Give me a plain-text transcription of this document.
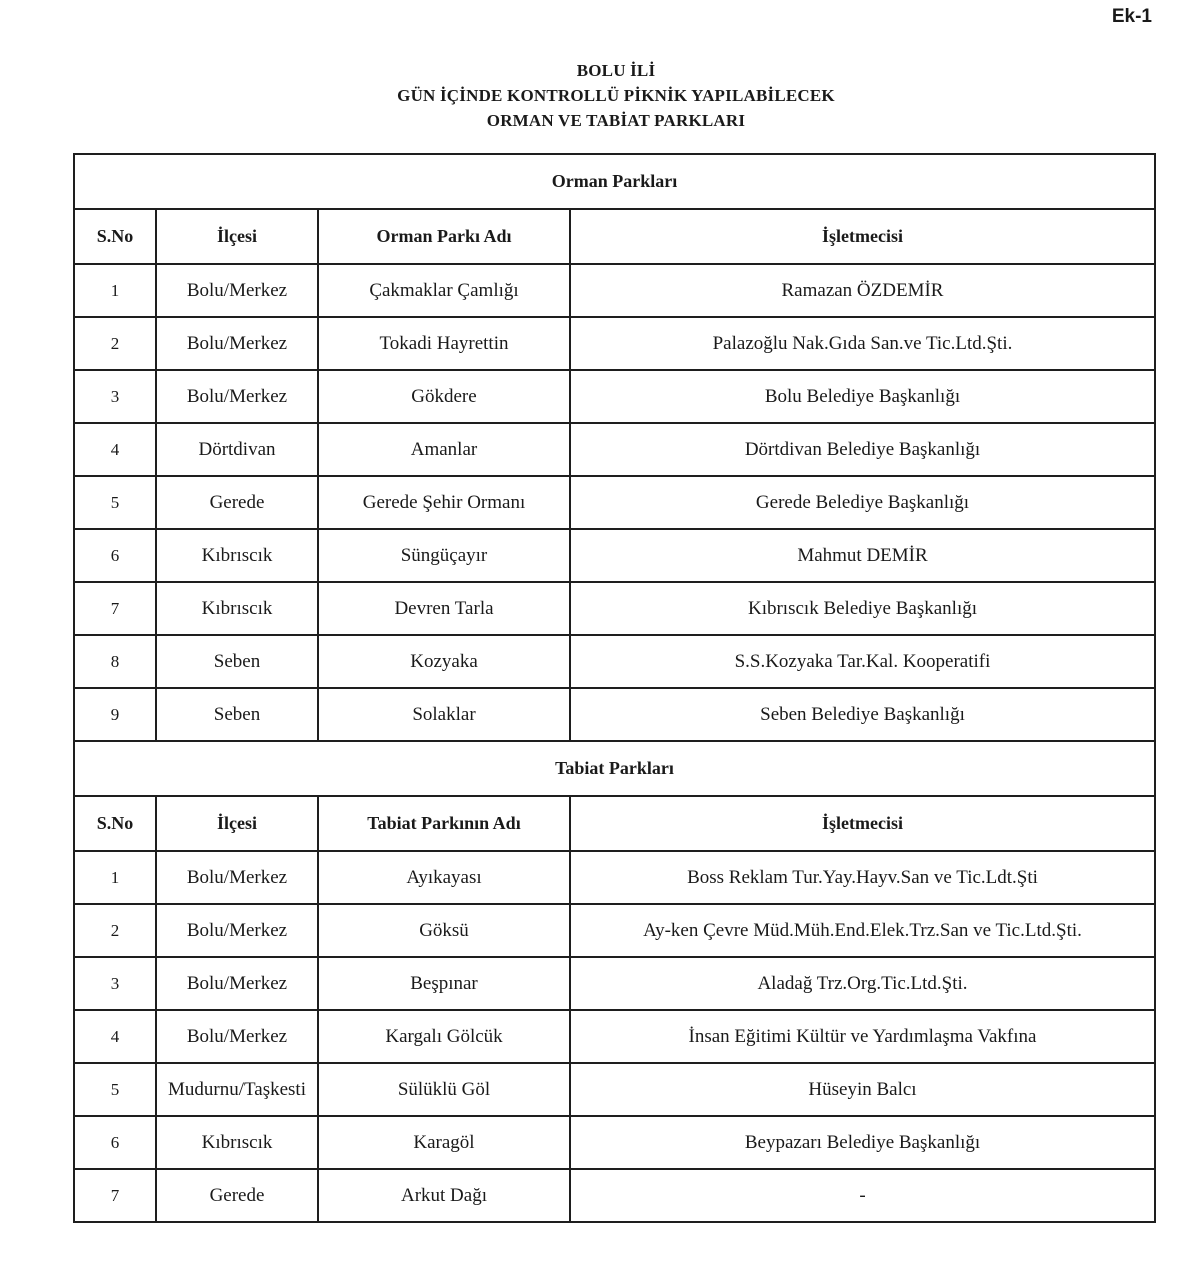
Ek-1
BOLU İLİ
GÜN İÇİNDE KONTROLLÜ PİKNİK YAPILABİLECEK
ORMAN VE TABİAT PARKLARI
Orman Parkları			
S.No	İlçesi	Orman Parkı Adı	İşletmecisi
1	Bolu/Merkez	Çakmaklar Çamlığı	Ramazan ÖZDEMİR
2	Bolu/Merkez	Tokadi Hayrettin	Palazoğlu Nak.Gıda San.ve Tic.Ltd.Şti.
3	Bolu/Merkez	Gökdere	Bolu Belediye Başkanlığı
4	Dörtdivan	Amanlar	Dörtdivan Belediye Başkanlığı
5	Gerede	Gerede Şehir Ormanı	Gerede Belediye Başkanlığı
6	Kıbrıscık	Süngüçayır	Mahmut DEMİR
7	Kıbrıscık	Devren Tarla	Kıbrıscık Belediye Başkanlığı
8	Seben	Kozyaka	S.S.Kozyaka Tar.Kal. Kooperatifi
9	Seben	Solaklar	Seben Belediye Başkanlığı
Tabiat Parkları			
S.No	İlçesi	Tabiat Parkının Adı	İşletmecisi
1	Bolu/Merkez	Ayıkayası	Boss Reklam Tur.Yay.Hayv.San ve Tic.Ldt.Şti
2	Bolu/Merkez	Göksü	Ay-ken Çevre Müd.Müh.End.Elek.Trz.San ve Tic.Ltd.Şti.
3	Bolu/Merkez	Beşpınar	Aladağ Trz.Org.Tic.Ltd.Şti.
4	Bolu/Merkez	Kargalı Gölcük	İnsan Eğitimi Kültür ve Yardımlaşma Vakfına
5	Mudurnu/Taşkesti	Sülüklü Göl	Hüseyin Balcı
6	Kıbrıscık	Karagöl	Beypazarı Belediye Başkanlığı
7	Gerede	Arkut Dağı	-
